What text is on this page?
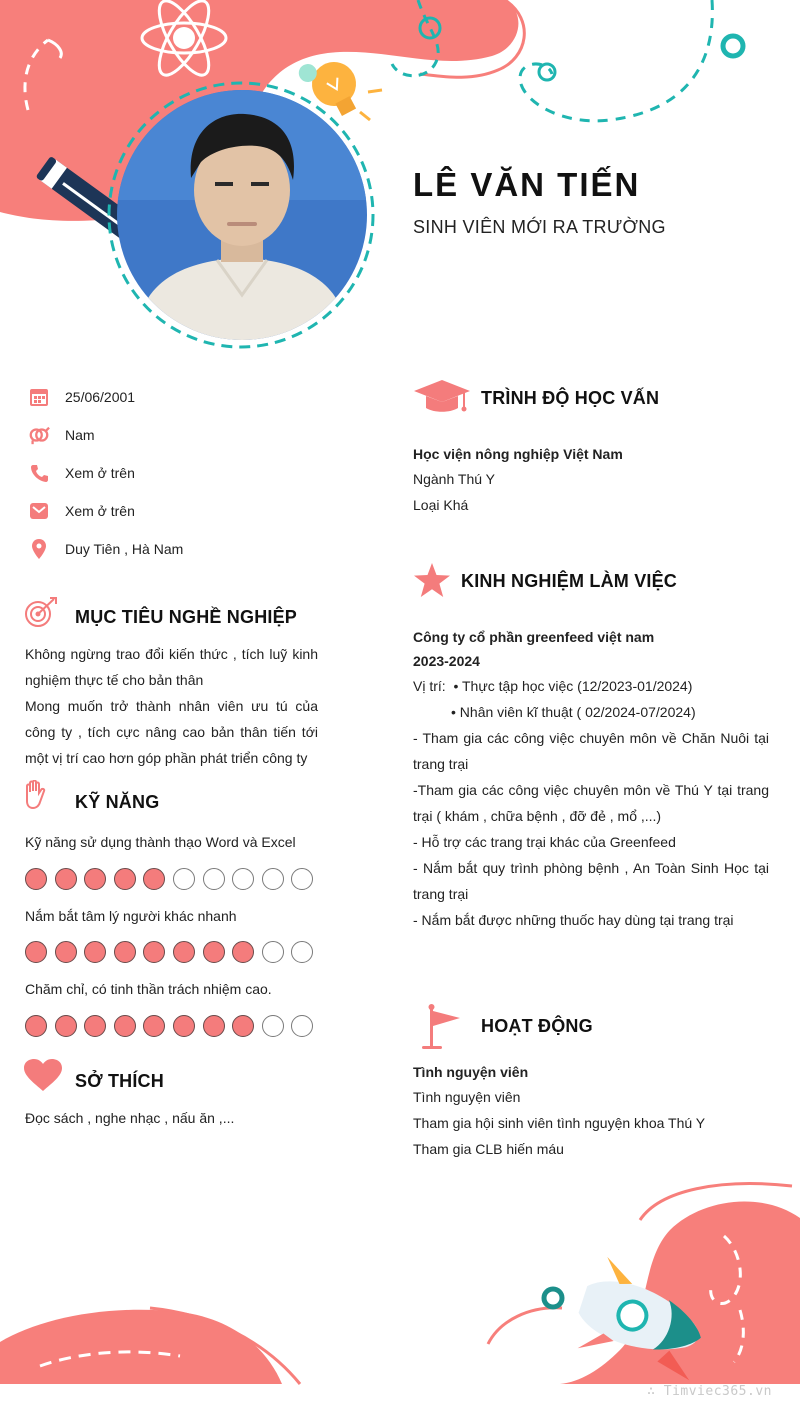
LÊ VĂN TIẾN
SINH VIÊN MỚI RA TRƯỜNG
25/06/2001
Nam
Xem ở trên
Xem ở trên
Duy Tiên , Hà Nam
MỤC TIÊU NGHỀ NGHIỆP
Không ngừng trao đổi kiến thức , tích luỹ kinh nghiệm thực tế cho bản thân
Mong muốn trở thành nhân viên ưu tú của công ty , tích cực nâng cao bản thân tiến tới một vị trí cao hơn góp phần phát triển công ty
KỸ NĂNG
Kỹ năng sử dụng thành thạo Word và Excel
Nắm bắt tâm lý người khác nhanh
Chăm chỉ, có tinh thần trách nhiệm cao.
SỞ THÍCH
Đọc sách , nghe nhạc , nấu ăn ,...
TRÌNH ĐỘ HỌC VẤN
Học viện nông nghiệp Việt Nam
Ngành Thú Y
Loại Khá
KINH NGHIỆM LÀM VIỆC
Công ty cổ phần greenfeed việt nam
2023-2024
Vị trí:  • Thực tập học việc (12/2023-01/2024)
• Nhân viên kĩ thuật ( 02/2024-07/2024)
- Tham gia các công việc chuyên môn về Chăn Nuôi tại trang trại
-Tham gia các công việc chuyên môn về Thú Y tại trang trại ( khám , chữa bệnh , đỡ đẻ , mổ ,...)
- Hỗ trợ các trang trại khác của Greenfeed
- Nắm bắt quy trình phòng bệnh , An Toàn Sinh Học tại trang trại
- Nắm bắt được những thuốc hay dùng tại trang trại
HOẠT ĐỘNG
Tình nguyện viên
Tình nguyện viên
Tham gia hội sinh viên tình nguyện khoa Thú Y
Tham gia CLB hiến máu
∴ Timviec365.vn
